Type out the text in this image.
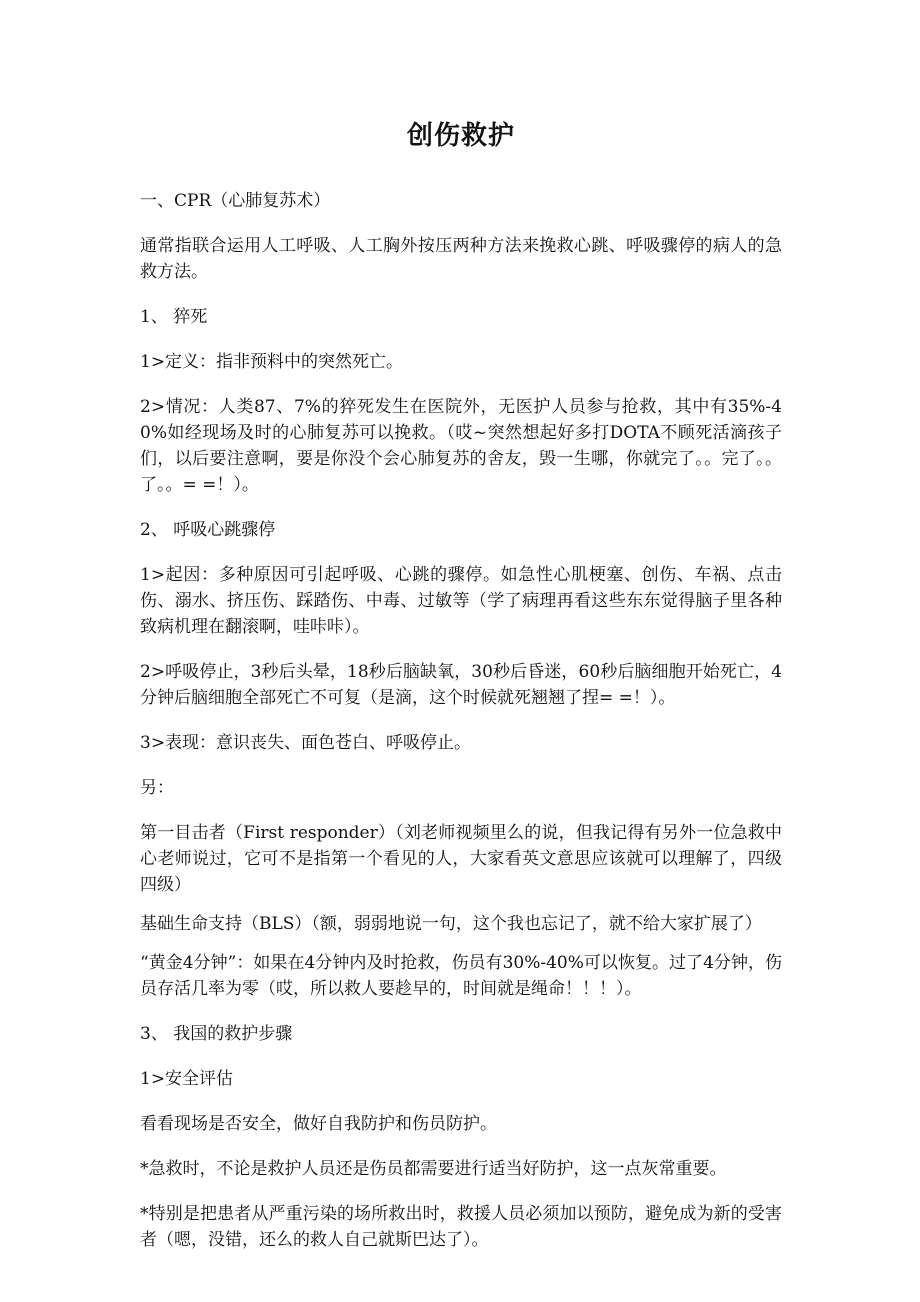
创伤救护

一、CPR（心肺复苏术）

通常指联合运用人工呼吸、人工胸外按压两种方法来挽救心跳、呼吸骤停的病人的急救方法。

1、 猝死

1>定义：指非预料中的突然死亡。

2>情况：人类87、7%的猝死发生在医院外，无医护人员参与抢救，其中有35%-40%如经现场及时的心肺复苏可以挽救。（哎~突然想起好多打DOTA不顾死活滴孩子们，以后要注意啊，要是你没个会心肺复苏的舍友，毁一生哪，你就完了。。完了。。了。。= =！）。

2、 呼吸心跳骤停

1>起因：多种原因可引起呼吸、心跳的骤停。如急性心肌梗塞、创伤、车祸、点击伤、溺水、挤压伤、踩踏伤、中毒、过敏等（学了病理再看这些东东觉得脑子里各种致病机理在翻滚啊，哇咔咔）。

2>呼吸停止，3秒后头晕，18秒后脑缺氧，30秒后昏迷，60秒后脑细胞开始死亡，4分钟后脑细胞全部死亡不可复（是滴，这个时候就死翘翘了捏= =！）。

3>表现：意识丧失、面色苍白、呼吸停止。

另：

第一目击者（First responder）（刘老师视频里么的说，但我记得有另外一位急救中心老师说过，它可不是指第一个看见的人，大家看英文意思应该就可以理解了，四级四级）

基础生命支持（BLS）（额，弱弱地说一句，这个我也忘记了，就不给大家扩展了）

“黄金4分钟”：如果在4分钟内及时抢救，伤员有30%-40%可以恢复。过了4分钟，伤员存活几率为零（哎，所以救人要趁早的，时间就是绳命！！！）。

3、 我国的救护步骤

1>安全评估

看看现场是否安全，做好自我防护和伤员防护。

*急救时，不论是救护人员还是伤员都需要进行适当好防护，这一点灰常重要。

*特别是把患者从严重污染的场所救出时，救援人员必须加以预防，避免成为新的受害者（嗯，没错，还么的救人自己就斯巴达了）。
